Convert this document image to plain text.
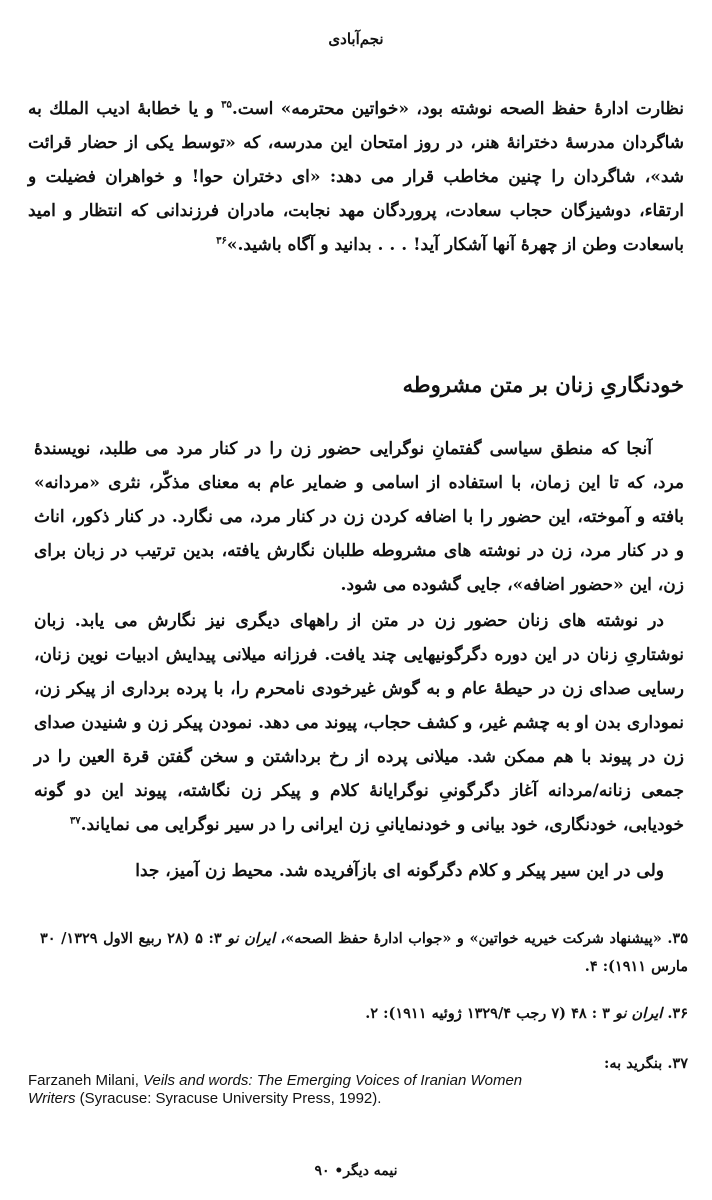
نجم‌آبادی
نظارت ادارهٔ حفظ الصحه نوشته بود، «خواتین محترمه» است.$^{۳۵}$ و یا خطابهٔ ادیب الملك به شاگردان مدرسهٔ دخترانهٔ هنر، در روز امتحان این مدرسه، كه «توسط یكی از حضار قرائت شد»، شاگردان را چنین مخاطب قرار می دهد: «ای دختران حوا! و خواهران فضیلت و ارتقاء، دوشیزگان حجاب سعادت، پروردگان مهد نجابت، مادران فرزندانی كه انتظار و امید باسعادت وطن از چهرهٔ آنها آشكار آید! . . . بدانید و آگاه باشید.»$^{۳۶}$
خودنگاریِ زنان بر متن مشروطه
آنجا كه منطق سیاسی گفتمانِ نوگرایی حضور زن را در كنار مرد می طلبد، نویسندهٔ مرد، كه تا این زمان، با استفاده از اسامی و ضمایر عام به معنای مذكّر، نثری «مردانه» بافته و آموخته، این حضور را با اضافه كردن زن در كنار مرد، می نگارد. در كنار ذكور، اناث و در كنار مرد، زن در نوشته های مشروطه طلبان نگارش یافته، بدین ترتیب در زبان برای زن، این «حضور اضافه»، جایی گشوده می شود.
در نوشته های زنان حضور زن در متن از راههای دیگری نیز نگارش می یابد. زبان نوشتاریِ زنان در این دوره دگرگونیهایی چند یافت. فرزانه میلانی پیدایش ادبیات نوین زنان، رسایی صدای زن در حیطهٔ عام و به گوش غیرخودی نامحرم را، با پرده برداری از پیكر زن، نموداری بدن او به چشم غیر، و كشف حجاب، پیوند می دهد. نمودن پیكر زن و شنیدن صدای زن در پیوند با هم ممكن شد. میلانی پرده از رخ برداشتن و سخن گفتن قرة العین را در جمعی زنانه/مردانه آغاز دگرگونیِ نوگرایانهٔ كلام و پیكر زن نگاشته، پیوند این دو گونه خودیابی، خودنگاری، خود بیانی و خودنمایانیِ زن ایرانی را در سیر نوگرایی می نمایاند.$^{۳۷}$
ولی در این سیر پیكر و كلام دگرگونه ای بازآفریده شد. محیط زن آمیز، جدا
۳۵. «پیشنهاد شركت خیریه خواتین» و «جواب ادارهٔ حفظ الصحه»، ایران نو ۳: ۵ (۲۸ ربیع الاول ۱۳۲۹/ ۳۰ مارس ۱۹۱۱): ۴.
۳۶. ایران نو ۳ : ۴۸ (۷ رجب ۱۳۲۹/۴ ژوئیه ۱۹۱۱): ۲.
۳۷. بنگرید به:
Farzaneh Milani, Veils and words: The Emerging Voices of Iranian Women Writers (Syracuse: Syracuse University Press, 1992).
نیمه دیگر• ۹۰
